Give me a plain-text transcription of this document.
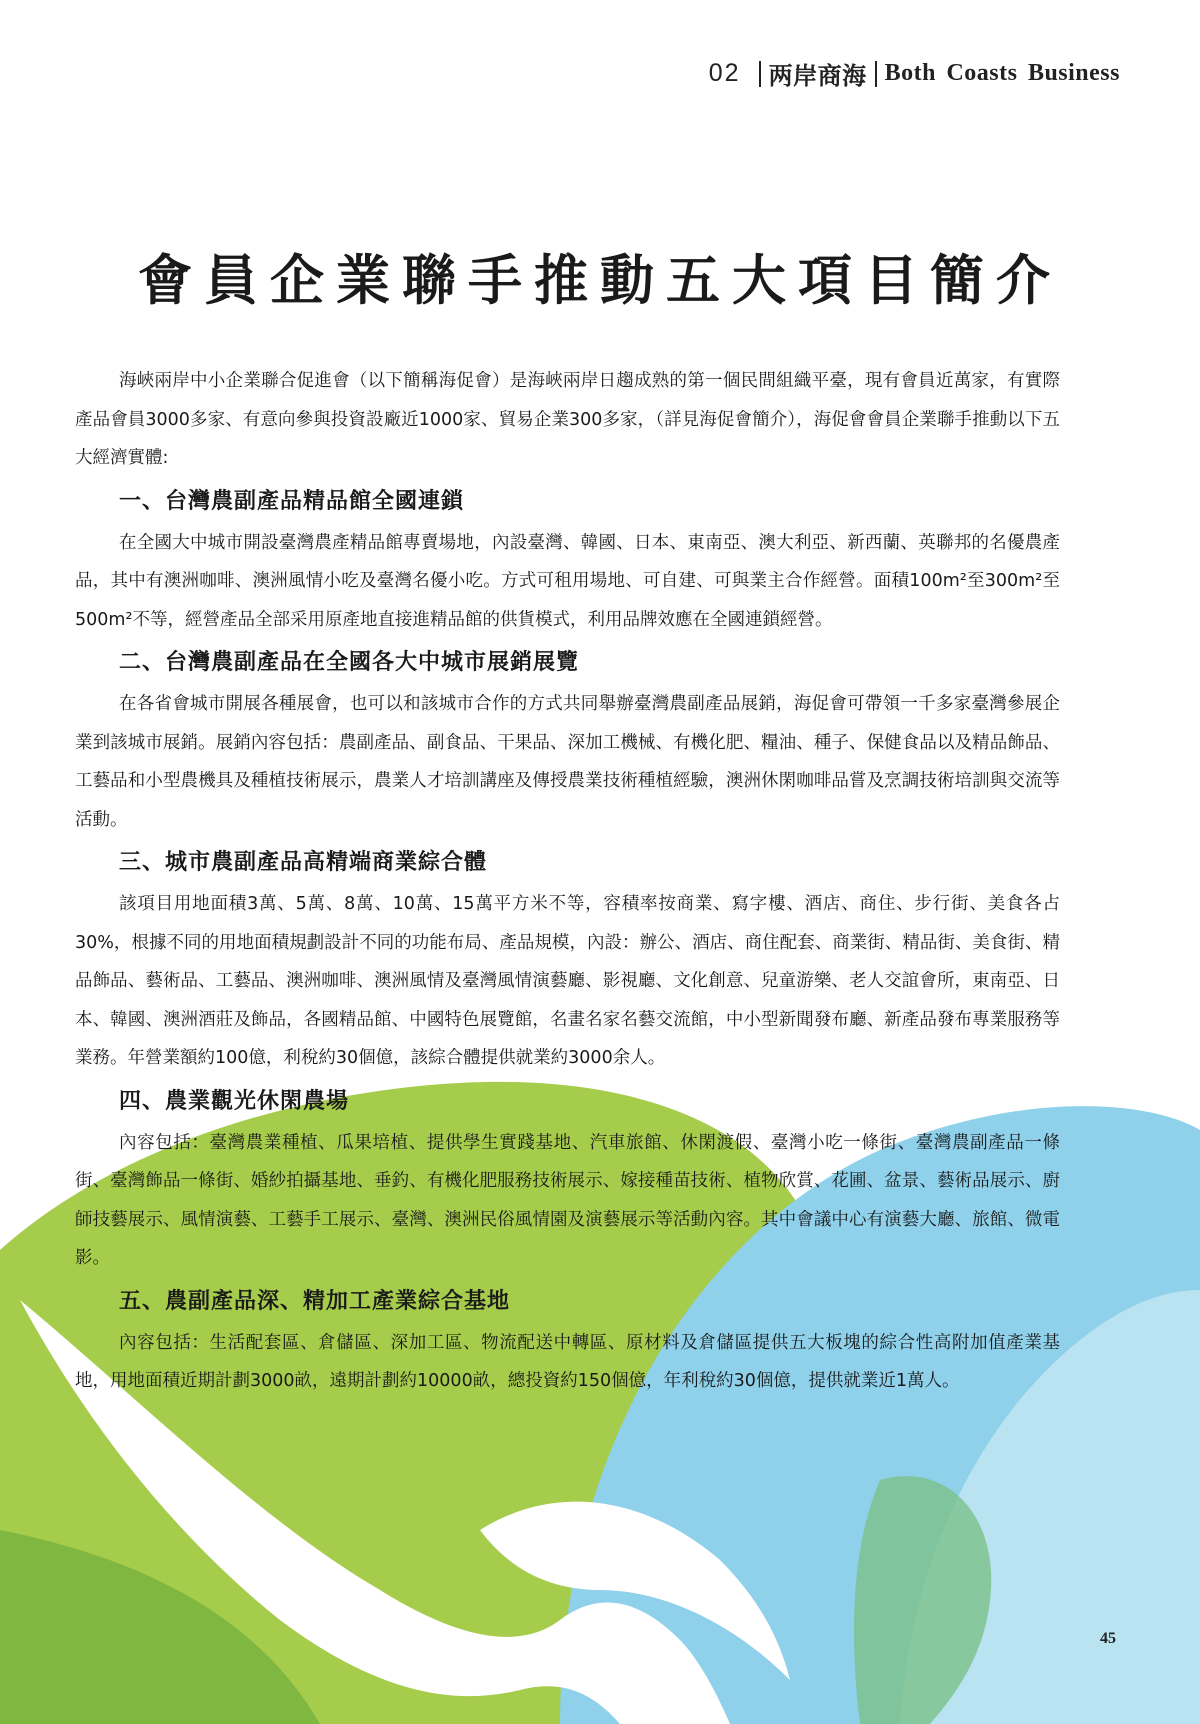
02 两岸商海 Both Coasts Business
會員企業聯手推動五大項目簡介

海峽兩岸中小企業聯合促進會（以下簡稱海促會）是海峽兩岸日趨成熟的第一個民間組織平臺，現有會員近萬家，有實際產品會員3000多家、有意向參與投資設廠近1000家、貿易企業300多家，（詳見海促會簡介），海促會會員企業聯手推動以下五大經濟實體:

一、台灣農副產品精品館全國連鎖

在全國大中城市開設臺灣農產精品館專賣場地，內設臺灣、韓國、日本、東南亞、澳大利亞、新西蘭、英聯邦的名優農產品，其中有澳洲咖啡、澳洲風情小吃及臺灣名優小吃。方式可租用場地、可自建、可與業主合作經營。面積100m²至300m²至500m²不等，經營產品全部采用原產地直接進精品館的供貨模式，利用品牌效應在全國連鎖經營。

二、台灣農副產品在全國各大中城市展銷展覽

在各省會城市開展各種展會，也可以和該城市合作的方式共同舉辦臺灣農副產品展銷，海促會可帶領一千多家臺灣參展企業到該城市展銷。展銷內容包括：農副產品、副食品、干果品、深加工機械、有機化肥、糧油、種子、保健食品以及精品飾品、工藝品和小型農機具及種植技術展示，農業人才培訓講座及傳授農業技術種植經驗，澳洲休閑咖啡品嘗及烹調技術培訓與交流等活動。

三、城市農副產品高精端商業綜合體

該項目用地面積3萬、5萬、8萬、10萬、15萬平方米不等，容積率按商業、寫字樓、酒店、商住、步行街、美食各占30%，根據不同的用地面積規劃設計不同的功能布局、產品規模，內設：辦公、酒店、商住配套、商業街、精品街、美食街、精品飾品、藝術品、工藝品、澳洲咖啡、澳洲風情及臺灣風情演藝廳、影視廳、文化創意、兒童游樂、老人交誼會所，東南亞、日本、韓國、澳洲酒莊及飾品，各國精品館、中國特色展覽館，名畫名家名藝交流館，中小型新聞發布廳、新產品發布專業服務等業務。年營業額約100億，利稅約30個億，該綜合體提供就業約3000余人。

四、農業觀光休閑農場

內容包括：臺灣農業種植、瓜果培植、提供學生實踐基地、汽車旅館、休閑渡假、臺灣小吃一條街、臺灣農副產品一條街、臺灣飾品一條街、婚紗拍攝基地、垂釣、有機化肥服務技術展示、嫁接種苗技術、植物欣賞、花圃、盆景、藝術品展示、廚師技藝展示、風情演藝、工藝手工展示、臺灣、澳洲民俗風情園及演藝展示等活動內容。其中會議中心有演藝大廳、旅館、微電影。

五、農副產品深、精加工產業綜合基地

內容包括：生活配套區、倉儲區、深加工區、物流配送中轉區、原材料及倉儲區提供五大板塊的綜合性高附加值產業基地，用地面積近期計劃3000畝，遠期計劃約10000畝，總投資約150個億，年利稅約30個億，提供就業近1萬人。

45
